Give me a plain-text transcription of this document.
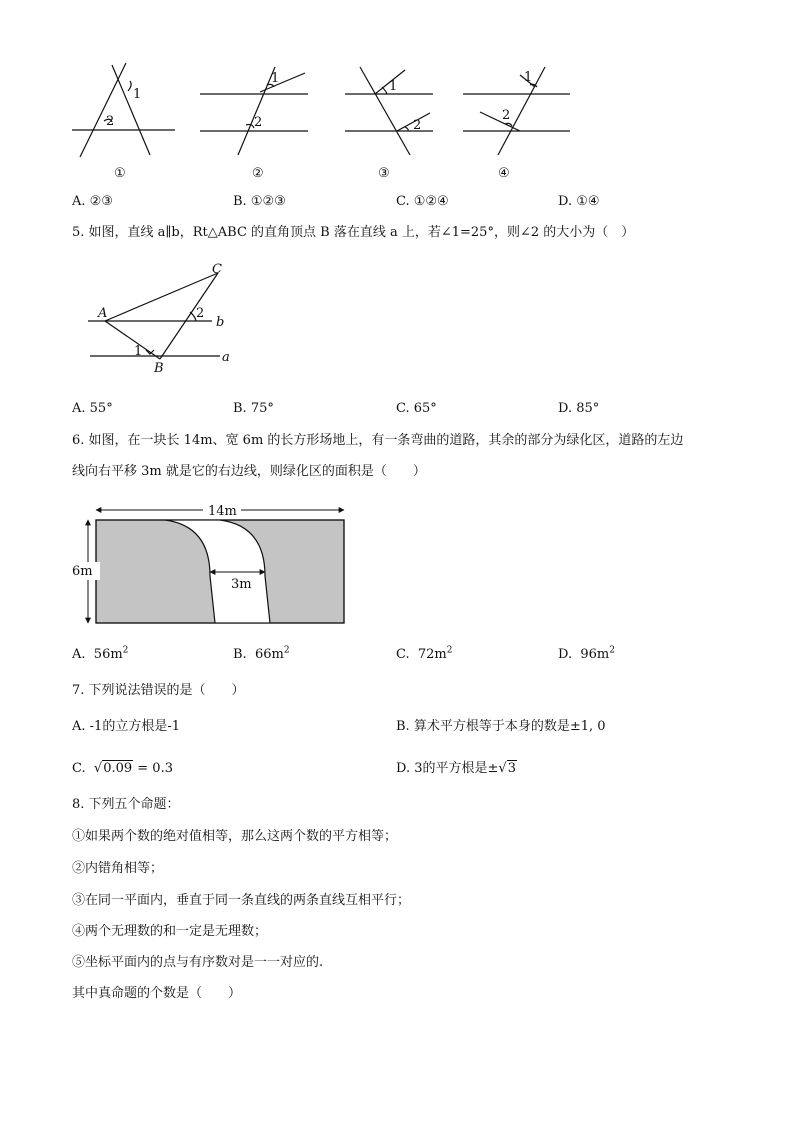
1
2
①
1
2
②
1
2
③
1
2
④
A. ②③	B. ①②③	C. ①②④	D. ①④
5. 如图，直线 a∥b，Rt△ABC 的直角顶点 B 落在直线 a 上，若∠1=25°，则∠2 的大小为（　）
C
A
B
b
a
1
2
A. 55°	B. 75°	C. 65°	D. 85°
6. 如图，在一块长 14m、宽 6m 的长方形场地上，有一条弯曲的道路，其余的部分为绿化区，道路的左边
线向右平移 3m 就是它的右边线，则绿化区的面积是（　　）
14m
6m
3m
A. $56m^2$	B. $66m^2$	C. $72m^2$	D. $96m^2$
7. 下列说法错误的是（　　）
A. -1的立方根是-1	B. 算术平方根等于本身的数是±1, 0
C. √0.09 = 0.3	D. 3的平方根是±√3
8. 下列五个命题：
①如果两个数的绝对值相等，那么这两个数的平方相等；
②内错角相等；
③在同一平面内，垂直于同一条直线的两条直线互相平行；
④两个无理数的和一定是无理数；
⑤坐标平面内的点与有序数对是一一对应的.
其中真命题的个数是（　　）
